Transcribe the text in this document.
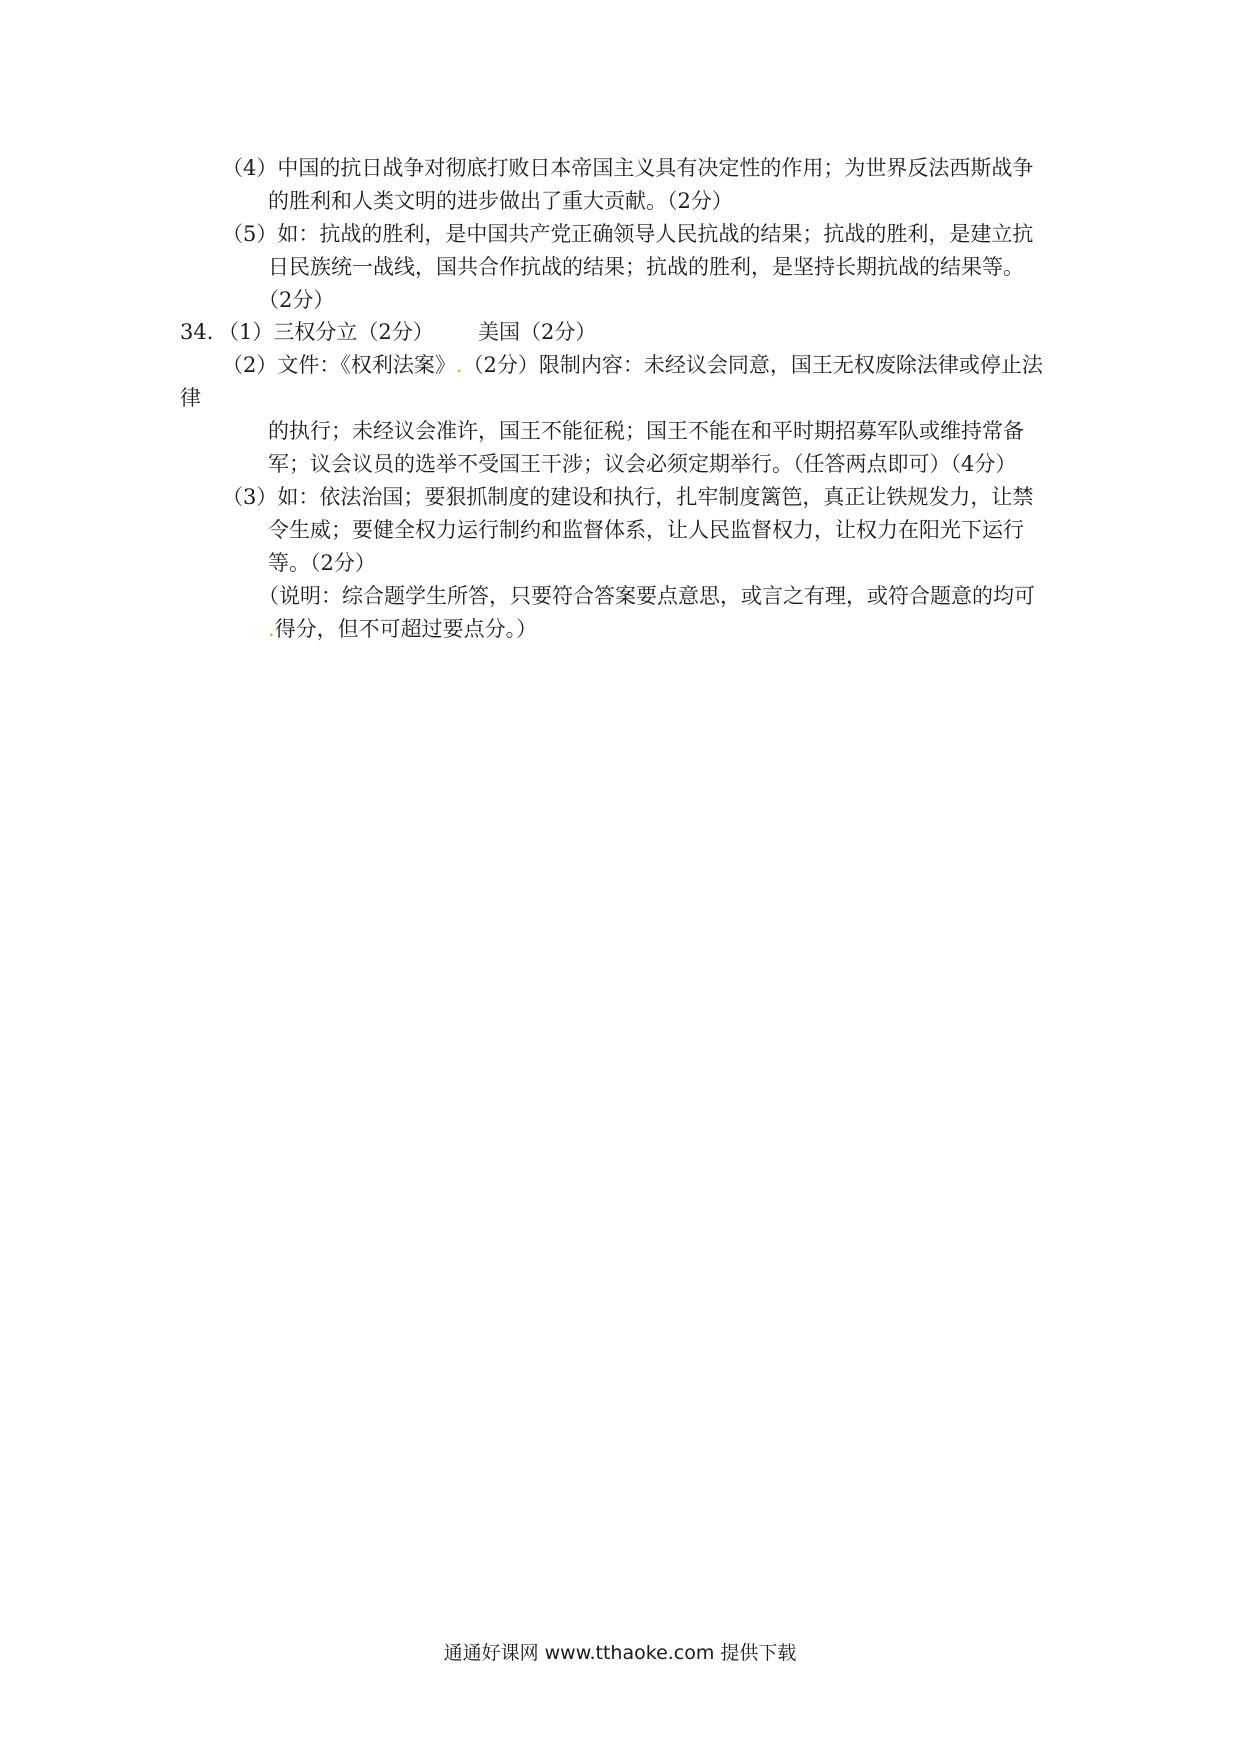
（4）中国的抗日战争对彻底打败日本帝国主义具有决定性的作用；为世界反法西斯战争
的胜利和人类文明的进步做出了重大贡献。（2分）
（5）如：抗战的胜利，是中国共产党正确领导人民抗战的结果；抗战的胜利，是建立抗
日民族统一战线，国共合作抗战的结果；抗战的胜利，是坚持长期抗战的结果等。
（2分）
34. （1）三权分立（2分） 美国（2分）
（2）文件：《权利法案》.（2分）限制内容：未经议会同意，国王无权废除法律或停止法
律
的执行；未经议会准许，国王不能征税；国王不能在和平时期招募军队或维持常备
军；议会议员的选举不受国王干涉；议会必须定期举行。（任答两点即可）（4分）
（3）如：依法治国；要狠抓制度的建设和执行，扎牢制度篱笆，真正让铁规发力，让禁
令生威；要健全权力运行制约和监督体系，让人民监督权力，让权力在阳光下运行
等。（2分）
（说明：综合题学生所答，只要符合答案要点意思，或言之有理，或符合题意的均可
.得分，但不可超过要点分。）
通通好课网 www.tthaoke.com 提供下载
